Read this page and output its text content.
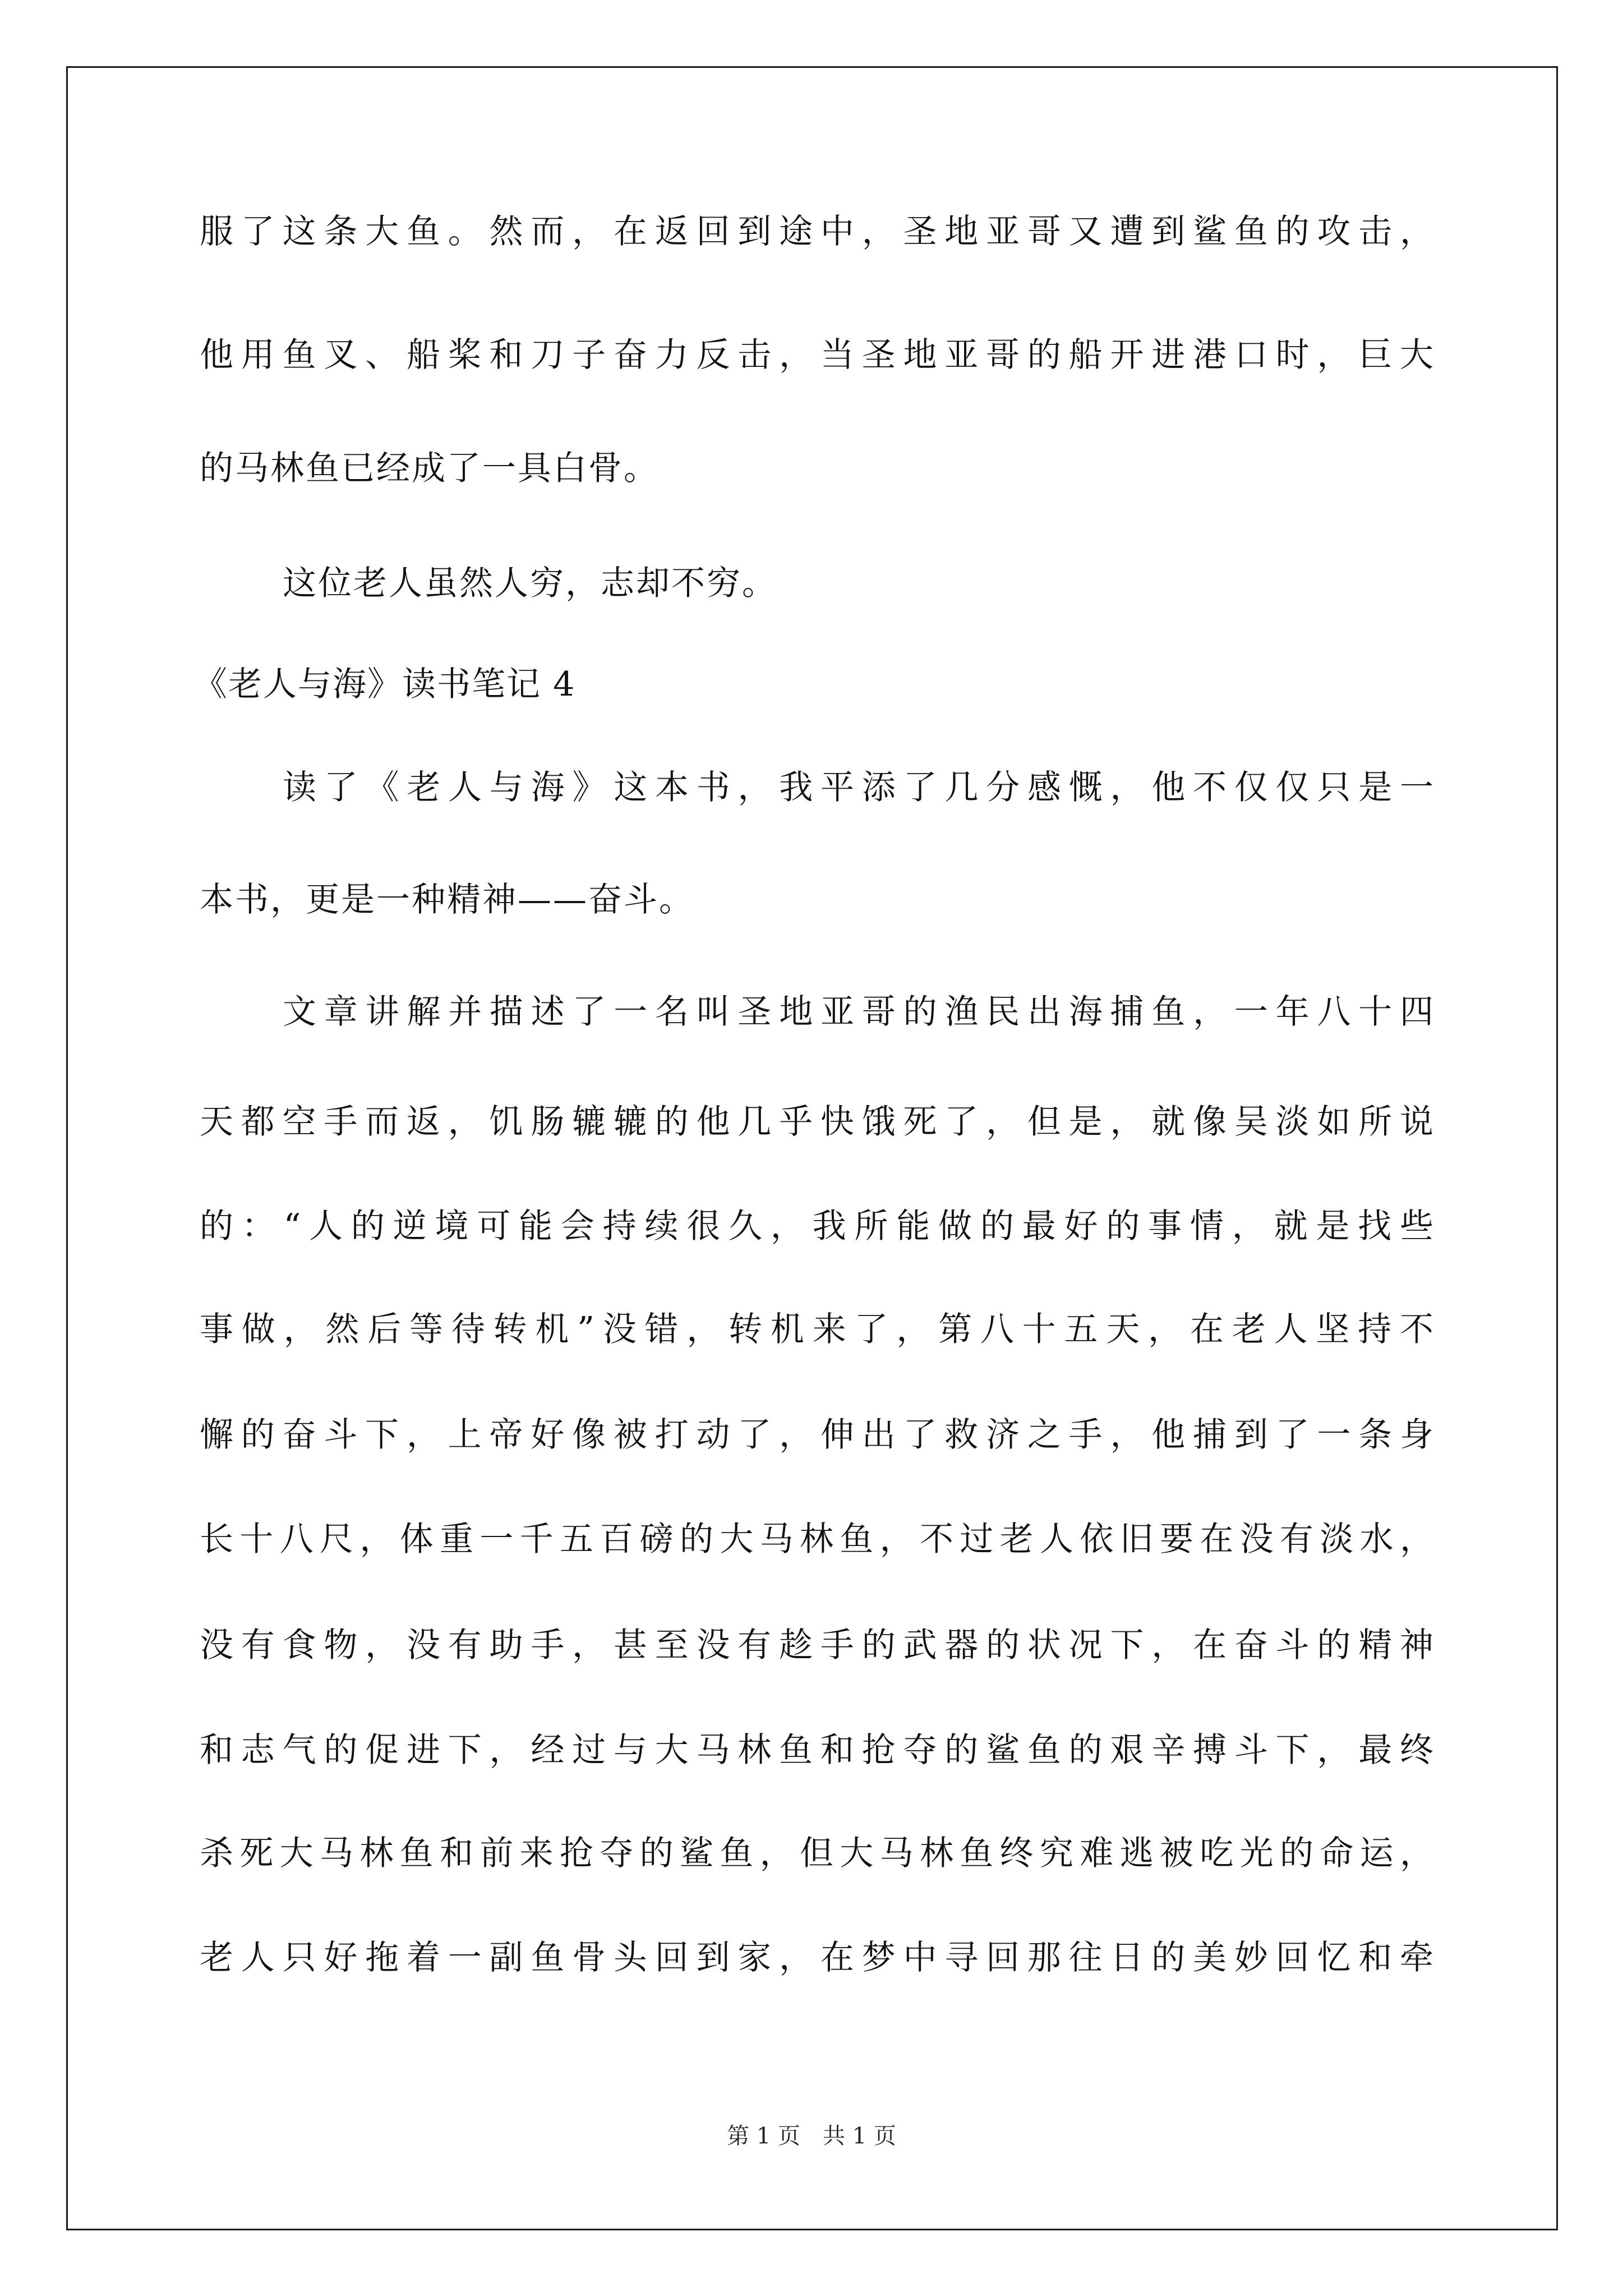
服了这条大鱼。然而，在返回到途中，圣地亚哥又遭到鲨鱼的攻击，
他用鱼叉、船桨和刀子奋力反击，当圣地亚哥的船开进港口时，巨大
的马林鱼已经成了一具白骨。
这位老人虽然人穷，志却不穷。
读了《老人与海》这本书，我平添了几分感慨，他不仅仅只是一
本书，更是一种精神——奋斗。
文章讲解并描述了一名叫圣地亚哥的渔民出海捕鱼，一年八十四
天都空手而返，饥肠辘辘的他几乎快饿死了，但是，就像吴淡如所说
的：“人的逆境可能会持续很久，我所能做的最好的事情，就是找些
事做，然后等待转机”没错，转机来了，第八十五天，在老人坚持不
懈的奋斗下，上帝好像被打动了，伸出了救济之手，他捕到了一条身
长十八尺，体重一千五百磅的大马林鱼，不过老人依旧要在没有淡水，
没有食物，没有助手，甚至没有趁手的武器的状况下，在奋斗的精神
和志气的促进下，经过与大马林鱼和抢夺的鲨鱼的艰辛搏斗下，最终
杀死大马林鱼和前来抢夺的鲨鱼，但大马林鱼终究难逃被吃光的命运，
老人只好拖着一副鱼骨头回到家，在梦中寻回那往日的美妙回忆和牵
《老人与海》读书笔记 4
第 1 页　共 1 页
